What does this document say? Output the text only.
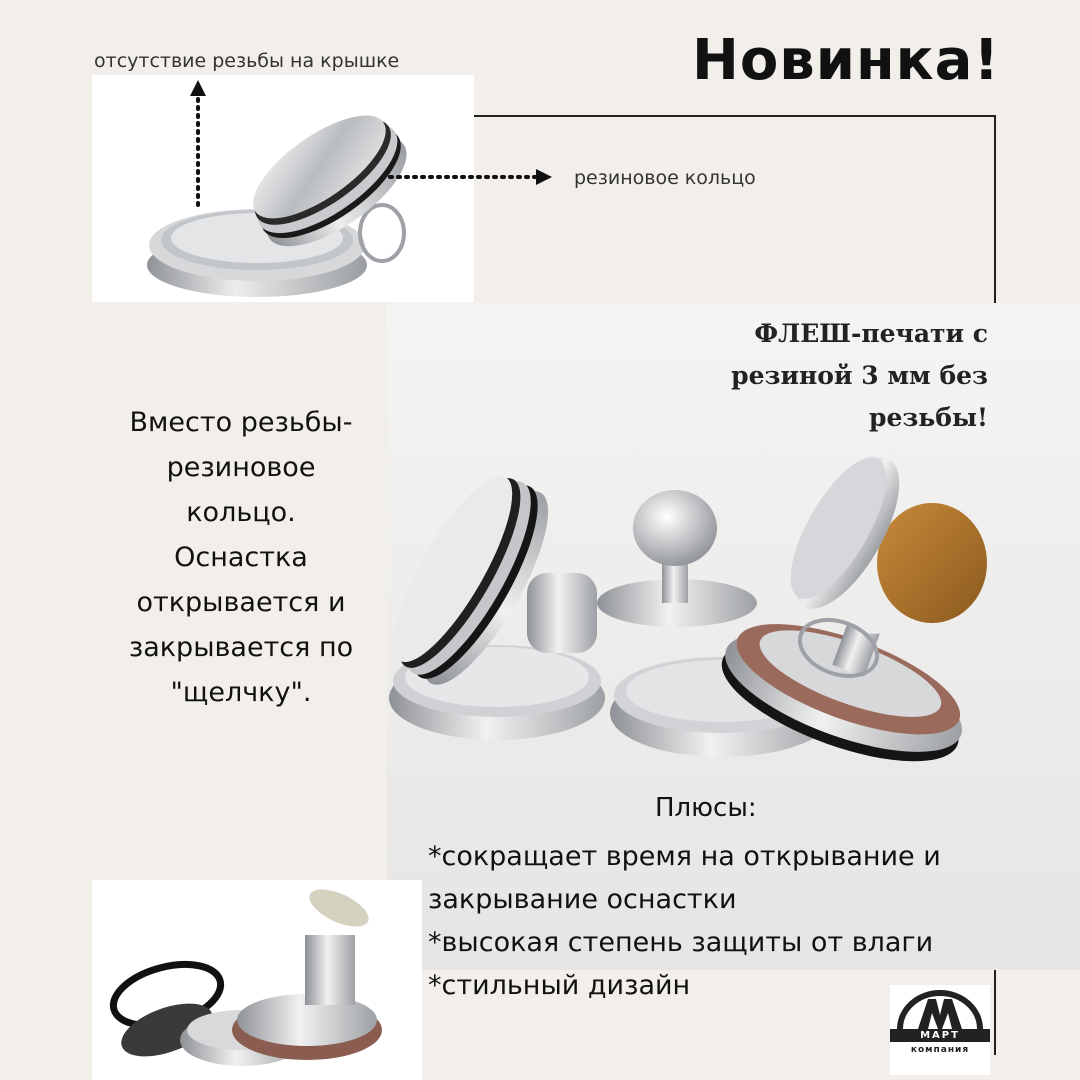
отсутствие резьбы на крышке
резиновое кольцо
Новинка!
ФЛЕШ-печати с
резиной 3 мм без
резьбы!
Вместо резьбы-
резиновое
кольцо.
Оснастка
открывается и
закрывается по
"щелчку".
Плюсы:
*сокращает время на открывание и
закрывание оснастки
*высокая степень защиты от влаги
*стильный дизайн
МАРТ
компания
